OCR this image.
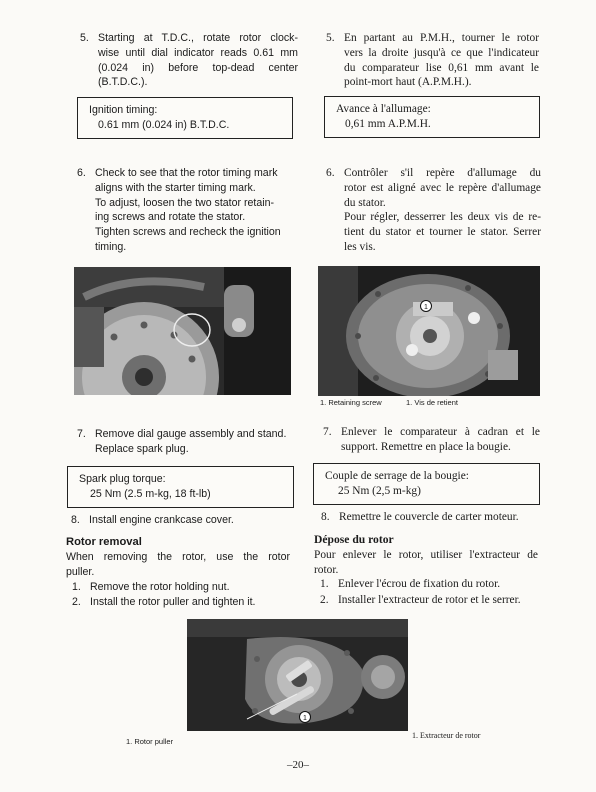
5. Starting at T.D.C., rotate rotor clock-
wise until dial indicator reads 0.61 mm
(0.024 in) before top-dead center
(B.T.D.C.).
Ignition timing:
0.61 mm (0.024 in) B.T.D.C.
6. Check to see that the rotor timing mark
aligns with the starter timing mark.
To adjust, loosen the two stator retain-
ing screws and rotate the stator.
Tighten screws and recheck the ignition
timing.
7. Remove dial gauge assembly and stand.
Replace spark plug.
Spark plug torque:
25 Nm (2.5 m-kg, 18 ft-lb)
8. Install engine crankcase cover.
Rotor removal
When removing the rotor, use the rotor
puller.
1. Remove the rotor holding nut.
2. Install the rotor puller and tighten it.
5. En partant au P.M.H., tourner le rotor
vers la droite jusqu'à ce que l'indicateur
du comparateur lise 0,61 mm avant le
point-mort haut (A.P.M.H.).
Avance à l'allumage:
0,61 mm A.P.M.H.
6. Contrôler s'il repère d'allumage du
rotor est aligné avec le repère d'allumage
du stator.
Pour régler, desserrer les deux vis de re-
tient du stator et tourner le stator. Serrer
les vis.
1
1. Retaining screw	1. Vis de retient
7. Enlever le comparateur à cadran et le
support. Remettre en place la bougie.
Couple de serrage de la bougie:
25 Nm (2,5 m-kg)
8. Remettre le couvercle de carter moteur.
Dépose du rotor
Pour enlever le rotor, utiliser l'extracteur de
rotor.
1. Enlever l'écrou de fixation du rotor.
2. Installer l'extracteur de rotor et le serrer.
1
1. Rotor puller
1. Extracteur de rotor
–20–
